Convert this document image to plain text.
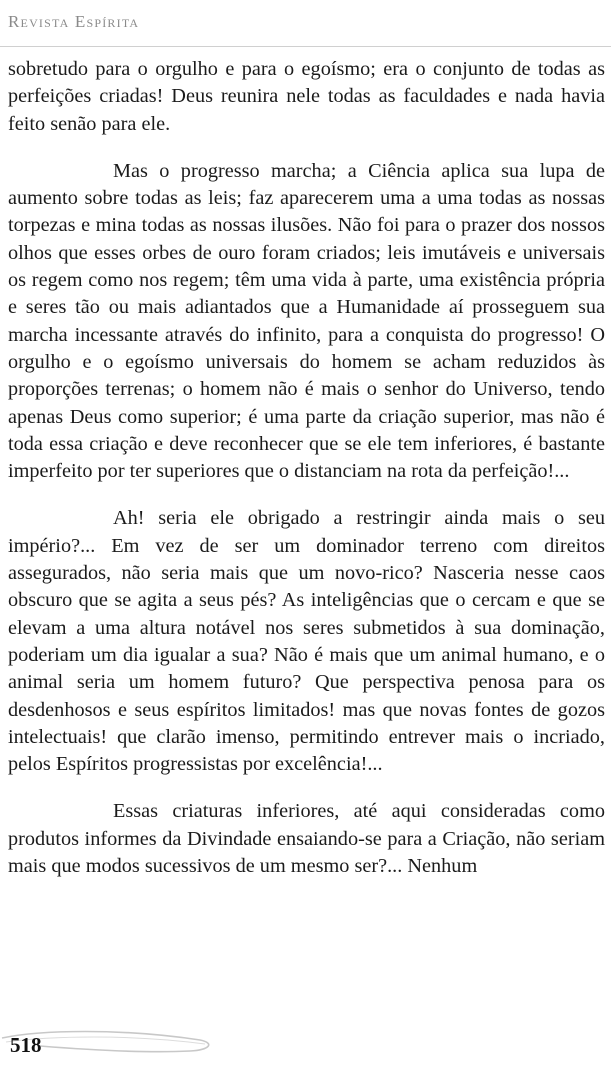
Revista Espírita

sobretudo para o orgulho e para o egoísmo; era o conjunto de todas as perfeições criadas! Deus reunira nele todas as faculdades e nada havia feito senão para ele.

Mas o progresso marcha; a Ciência aplica sua lupa de aumento sobre todas as leis; faz aparecerem uma a uma todas as nossas torpezas e mina todas as nossas ilusões. Não foi para o prazer dos nossos olhos que esses orbes de ouro foram criados; leis imutáveis e universais os regem como nos regem; têm uma vida à parte, uma existência própria e seres tão ou mais adiantados que a Humanidade aí prosseguem sua marcha incessante através do infinito, para a conquista do progresso! O orgulho e o egoísmo universais do homem se acham reduzidos às proporções terrenas; o homem não é mais o senhor do Universo, tendo apenas Deus como superior; é uma parte da criação superior, mas não é toda essa criação e deve reconhecer que se ele tem inferiores, é bastante imperfeito por ter superiores que o distanciam na rota da perfeição!...

Ah! seria ele obrigado a restringir ainda mais o seu império?... Em vez de ser um dominador terreno com direitos assegurados, não seria mais que um novo-rico? Nasceria nesse caos obscuro que se agita a seus pés? As inteligências que o cercam e que se elevam a uma altura notável nos seres submetidos à sua dominação, poderiam um dia igualar a sua? Não é mais que um animal humano, e o animal seria um homem futuro? Que perspectiva penosa para os desdenhosos e seus espíritos limitados! mas que novas fontes de gozos intelectuais! que clarão imenso, permitindo entrever mais o incriado, pelos Espíritos progressistas por excelência!...

Essas criaturas inferiores, até aqui consideradas como produtos informes da Divindade ensaiando-se para a Criação, não seriam mais que modos sucessivos de um mesmo ser?... Nenhum

518
